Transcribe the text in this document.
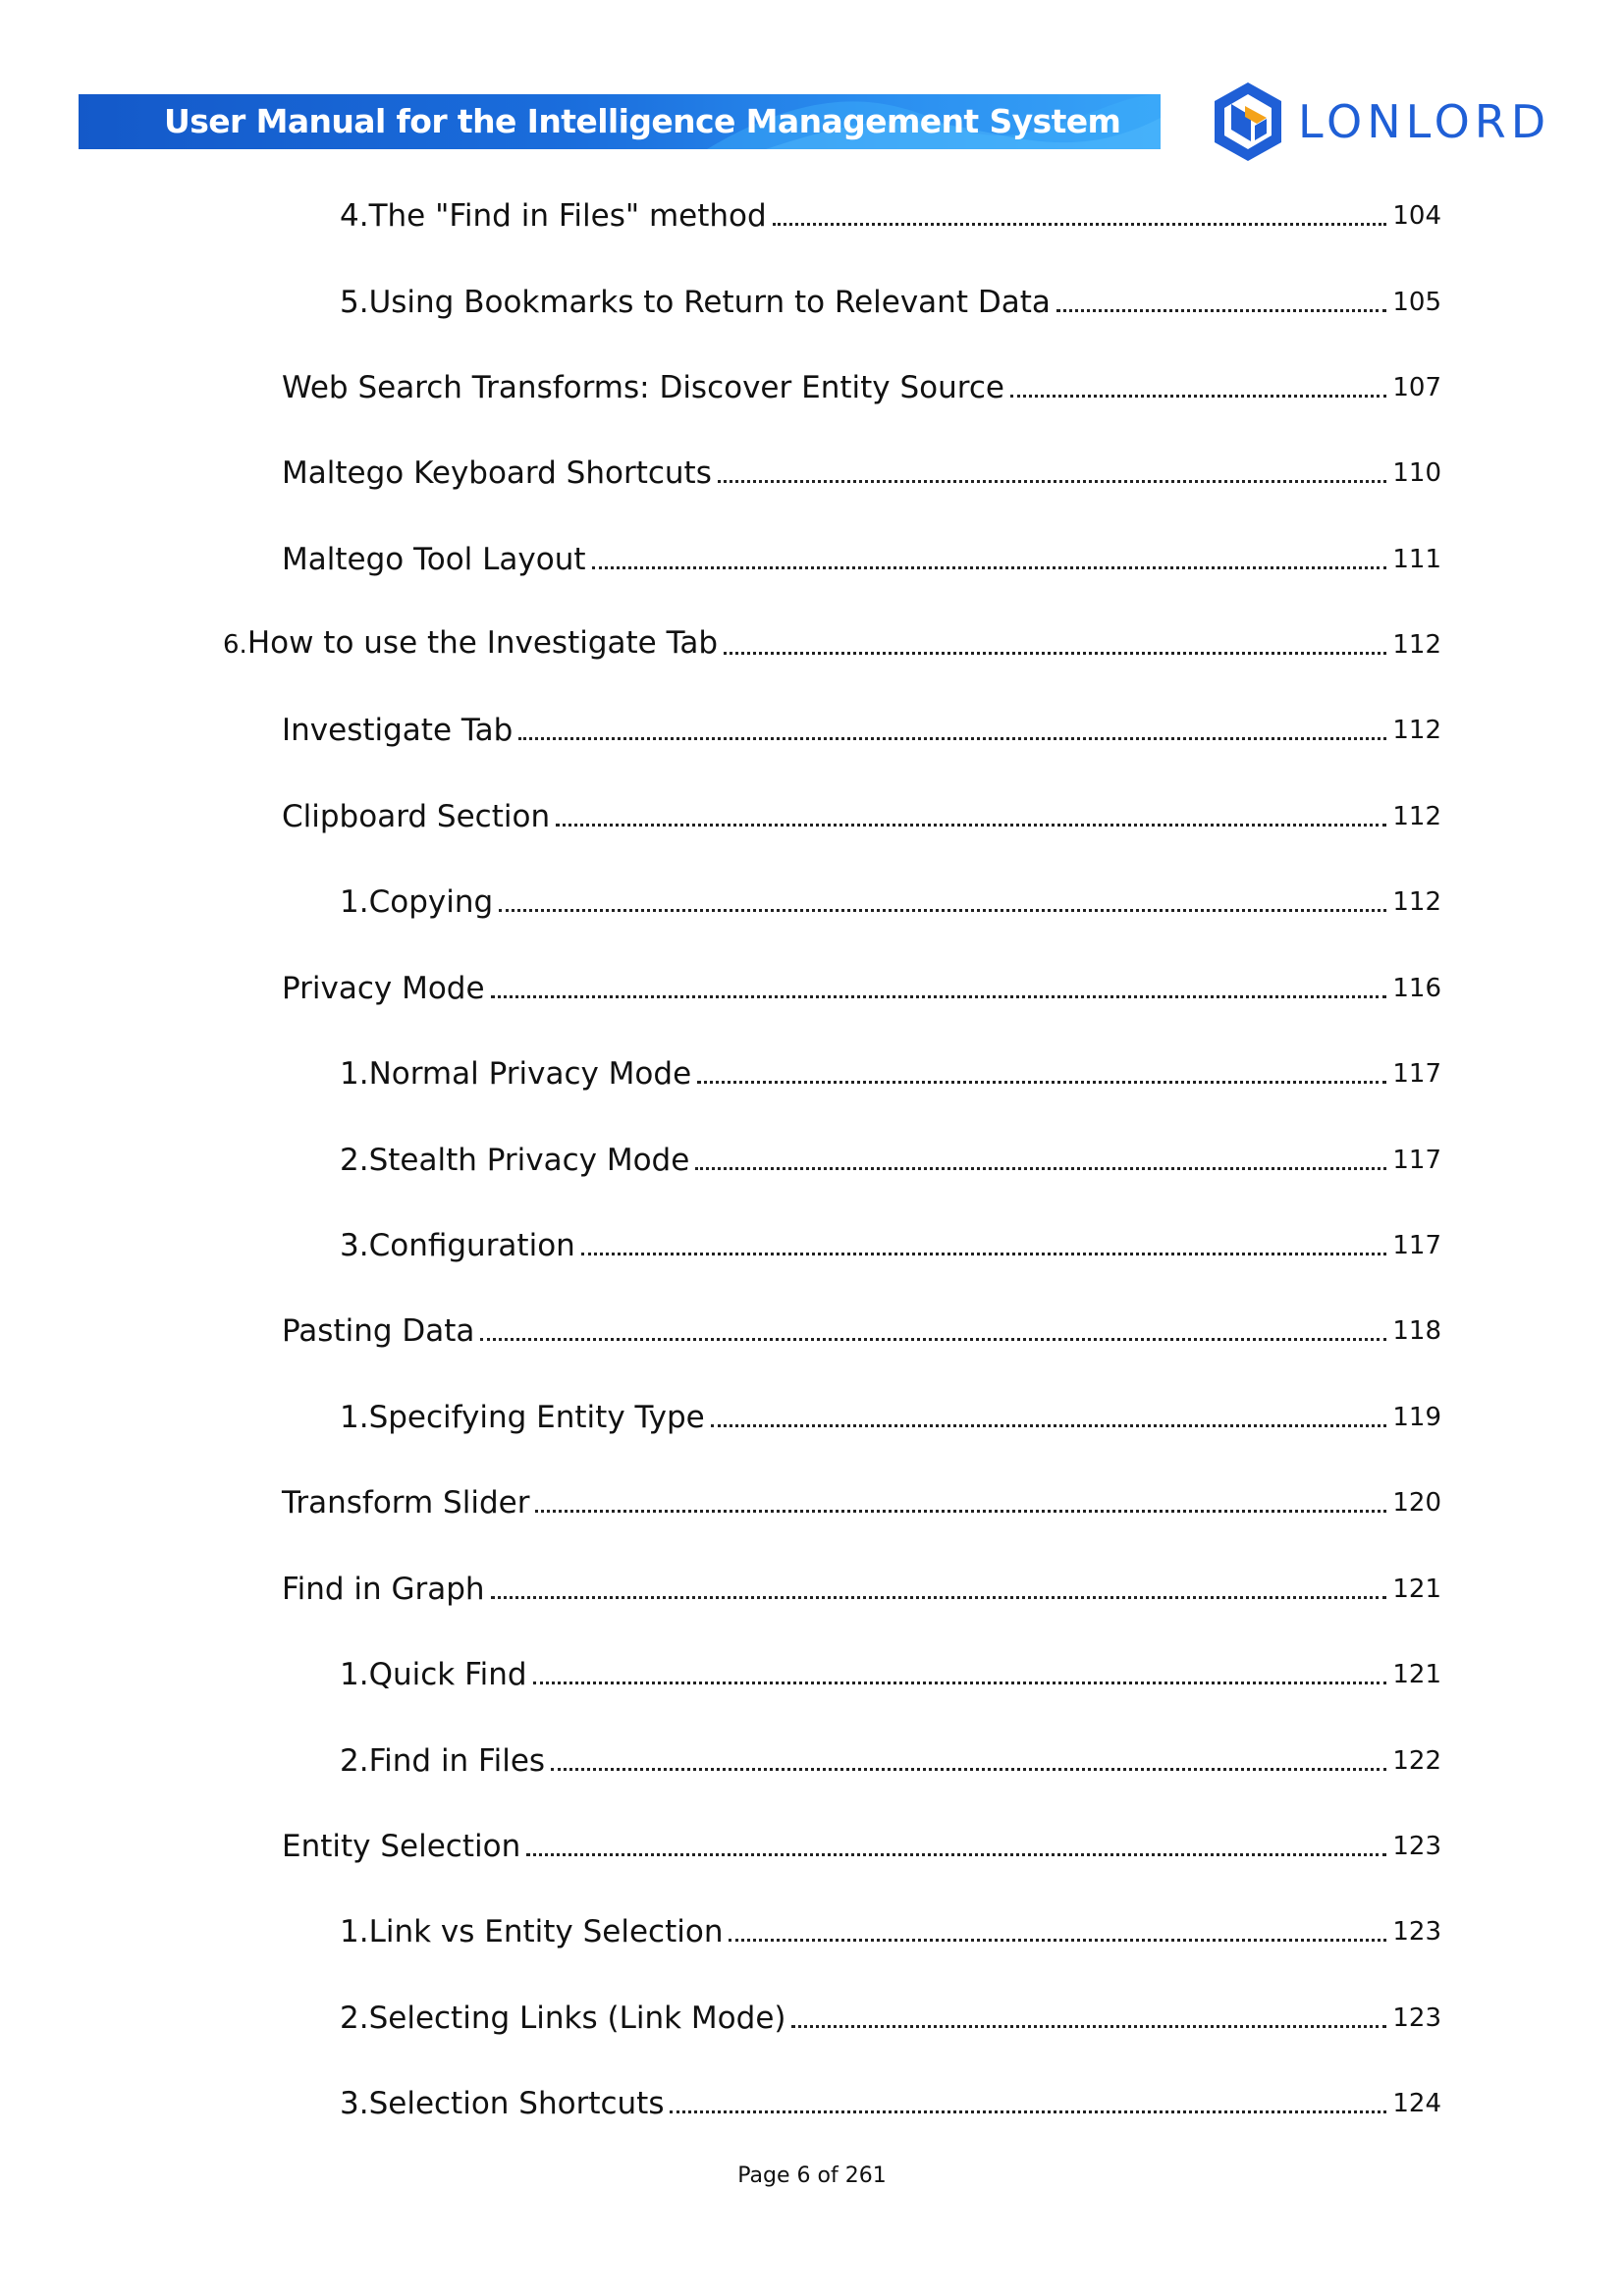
User Manual for the Intelligence Management System	LONLORD
4.The "Find in Files" method	104
5.Using Bookmarks to Return to Relevant Data	105
Web Search Transforms: Discover Entity Source	107
Maltego Keyboard Shortcuts	110
Maltego Tool Layout	111
6.How to use the Investigate Tab	112
Investigate Tab	112
Clipboard Section	112
1.Copying	112
Privacy Mode	116
1.Normal Privacy Mode	117
2.Stealth Privacy Mode	117
3.Configuration	117
Pasting Data	118
1.Specifying Entity Type	119
Transform Slider	120
Find in Graph	121
1.Quick Find	121
2.Find in Files	122
Entity Selection	123
1.Link vs Entity Selection	123
2.Selecting Links (Link Mode)	123
3.Selection Shortcuts	124
Page 6 of 261
